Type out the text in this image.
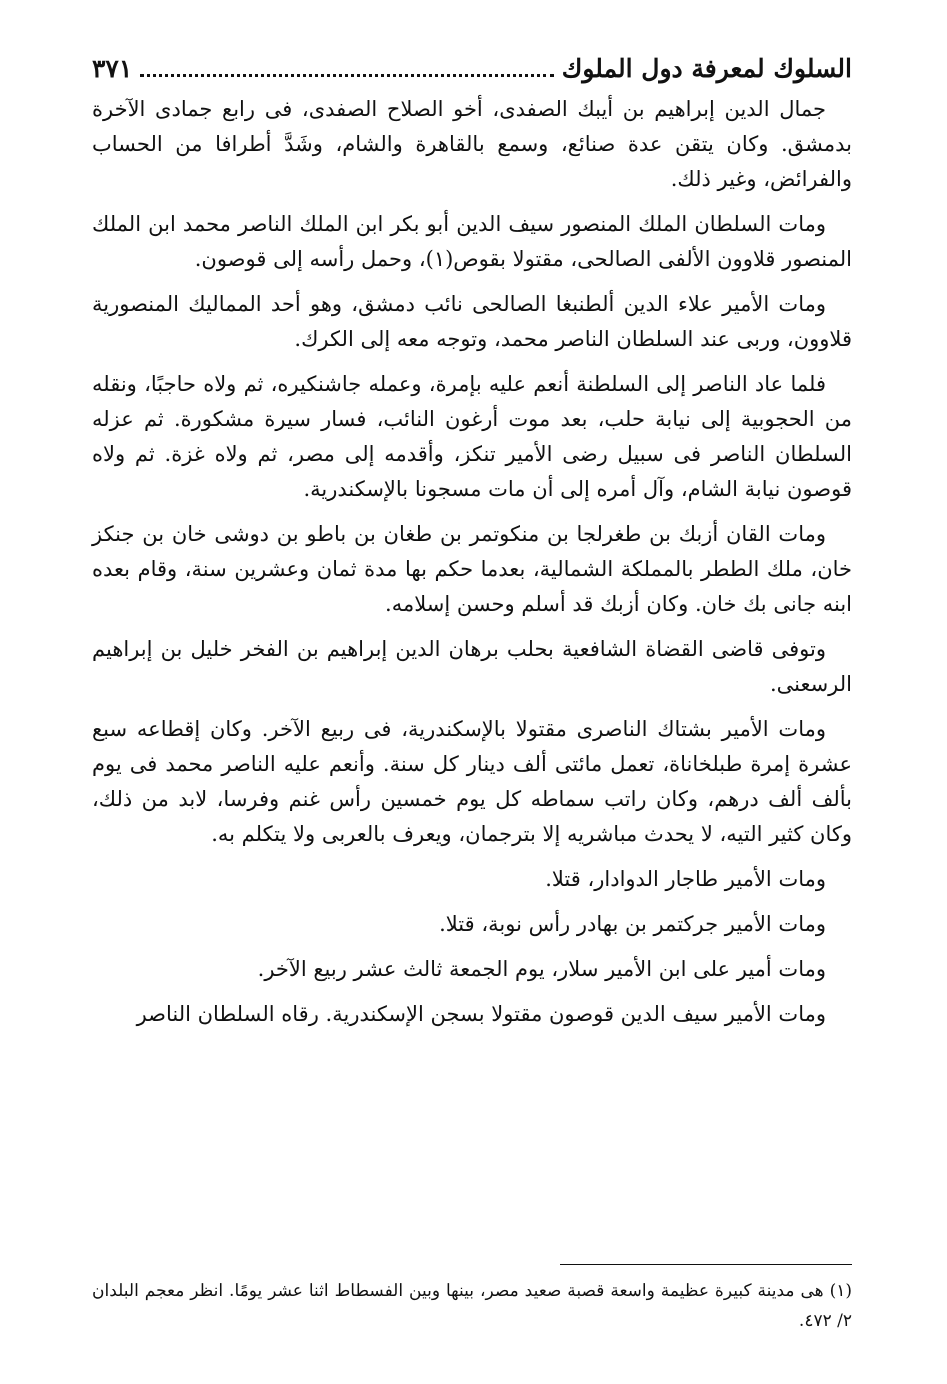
السلوك لمعرفة دول الملوك
٣٧١

جمال الدين إبراهيم بن أيبك الصفدى، أخو الصلاح الصفدى، فى رابع جمادى الآخرة بدمشق. وكان يتقن عدة صنائع، وسمع بالقاهرة والشام، وشَدَّ أطرافا من الحساب والفرائض، وغير ذلك.

ومات السلطان الملك المنصور سيف الدين أبو بكر ابن الملك الناصر محمد ابن الملك المنصور قلاوون الألفى الصالحى، مقتولا بقوص(١)، وحمل رأسه إلى قوصون.

ومات الأمير علاء الدين ألطنبغا الصالحى نائب دمشق، وهو أحد المماليك المنصورية قلاوون، وربى عند السلطان الناصر محمد، وتوجه معه إلى الكرك.

فلما عاد الناصر إلى السلطنة أنعم عليه بإمرة، وعمله جاشنكيره، ثم ولاه حاجبًا، ونقله من الحجوبية إلى نيابة حلب، بعد موت أرغون النائب، فسار سيرة مشكورة. ثم عزله السلطان الناصر فى سبيل رضى الأمير تنكز، وأقدمه إلى مصر، ثم ولاه غزة. ثم ولاه قوصون نيابة الشام، وآل أمره إلى أن مات مسجونا بالإسكندرية.

ومات القان أزبك بن طغرلجا بن منكوتمر بن طغان بن باطو بن دوشى خان بن جنكز خان، ملك الططر بالمملكة الشمالية، بعدما حكم بها مدة ثمان وعشرين سنة، وقام بعده ابنه جانى بك خان. وكان أزبك قد أسلم وحسن إسلامه.

وتوفى قاضى القضاة الشافعية بحلب برهان الدين إبراهيم بن الفخر خليل بن إبراهيم الرسعنى.

ومات الأمير بشتاك الناصرى مقتولا بالإسكندرية، فى ربيع الآخر. وكان إقطاعه سبع عشرة إمرة طبلخاناة، تعمل مائتى ألف دينار كل سنة. وأنعم عليه الناصر محمد فى يوم بألف ألف درهم، وكان راتب سماطه كل يوم خمسين رأس غنم وفرسا، لابد من ذلك، وكان كثير التيه، لا يحدث مباشريه إلا بترجمان، ويعرف بالعربى ولا يتكلم به.

ومات الأمير طاجار الدوادار، قتلا.

ومات الأمير جركتمر بن بهادر رأس نوبة، قتلا.

ومات أمير على ابن الأمير سلار، يوم الجمعة ثالث عشر ربيع الآخر.

ومات الأمير سيف الدين قوصون مقتولا بسجن الإسكندرية. رقاه السلطان الناصر

(١) هى مدينة كبيرة عظيمة واسعة قصبة صعيد مصر، بينها وبين الفسطاط اثنا عشر يومًا. انظر معجم البلدان ٢/ ٤٧٢.
